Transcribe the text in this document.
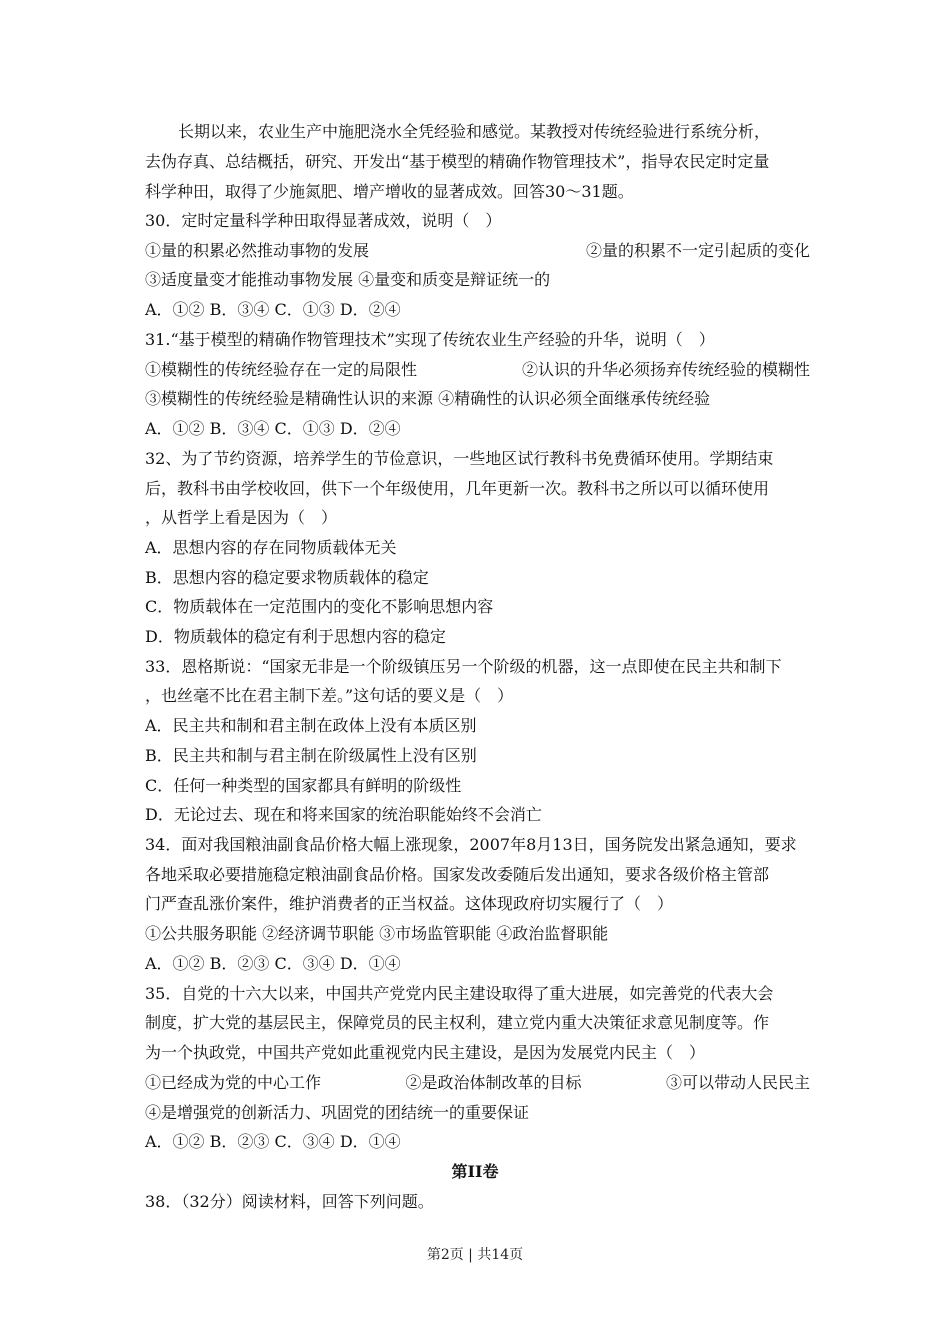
长期以来，农业生产中施肥浇水全凭经验和感觉。某教授对传统经验进行系统分析，
去伪存真、总结概括，研究、开发出“基于模型的精确作物管理技术”，指导农民定时定量
科学种田，取得了少施氮肥、增产增收的显著成效。回答30～31题。
30．定时定量科学种田取得显著成效，说明（　）
①量的积累必然推动事物的发展	②量的积累不一定引起质的变化
③适度量变才能推动事物发展 ④量变和质变是辩证统一的
A．①② B．③④ C．①③ D．②④
31.“基于模型的精确作物管理技术”实现了传统农业生产经验的升华，说明（　）
①模糊性的传统经验存在一定的局限性	②认识的升华必须扬弃传统经验的模糊性
③模糊性的传统经验是精确性认识的来源 ④精确性的认识必须全面继承传统经验
A．①② B．③④ C．①③ D．②④
32、为了节约资源，培养学生的节俭意识，一些地区试行教科书免费循环使用。学期结束
后，教科书由学校收回，供下一个年级使用，几年更新一次。教科书之所以可以循环使用
，从哲学上看是因为（　）
A．思想内容的存在同物质载体无关
B．思想内容的稳定要求物质载体的稳定
C．物质载体在一定范围内的变化不影响思想内容
D．物质载体的稳定有利于思想内容的稳定
33．恩格斯说：“国家无非是一个阶级镇压另一个阶级的机器，这一点即使在民主共和制下
，也丝毫不比在君主制下差。”这句话的要义是（　）
A．民主共和制和君主制在政体上没有本质区别
B．民主共和制与君主制在阶级属性上没有区别
C．任何一种类型的国家都具有鲜明的阶级性
D．无论过去、现在和将来国家的统治职能始终不会消亡
34．面对我国粮油副食品价格大幅上涨现象，2007年8月13日，国务院发出紧急通知，要求
各地采取必要措施稳定粮油副食品价格。国家发改委随后发出通知，要求各级价格主管部
门严查乱涨价案件，维护消费者的正当权益。这体现政府切实履行了（　）
①公共服务职能 ②经济调节职能 ③市场监管职能 ④政治监督职能
A．①② B．②③ C．③④ D．①④
35．自党的十六大以来，中国共产党党内民主建设取得了重大进展，如完善党的代表大会
制度，扩大党的基层民主，保障党员的民主权利，建立党内重大决策征求意见制度等。作
为一个执政党，中国共产党如此重视党内民主建设，是因为发展党内民主（　）
①已经成为党的中心工作	②是政治体制改革的目标	③可以带动人民民主
④是增强党的创新活力、巩固党的团结统一的重要保证
A．①② B．②③ C．③④ D．①④
第II卷
38．（32分）阅读材料，回答下列问题。
第2页 | 共14页
